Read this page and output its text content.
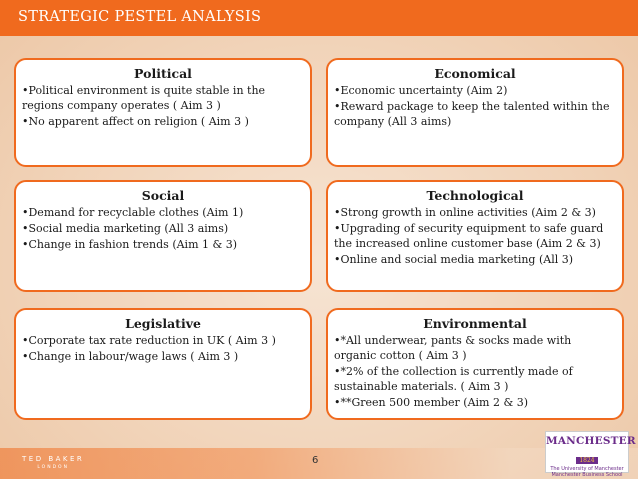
STRATEGIC PESTEL ANALYSIS
Political
•Political environment is quite stable in the regions company operates ( Aim 3 )
•No apparent affect on religion ( Aim 3 )
Economical
•Economic uncertainty (Aim 2)
•Reward package to keep the talented within the company (All 3 aims)
Social
•Demand for recyclable clothes (Aim 1)
•Social media marketing (All 3 aims)
•Change in fashion trends (Aim 1 & 3)
Technological
•Strong growth in online activities (Aim 2 & 3)
•Upgrading of security equipment to safe guard the increased online customer base (Aim 2 & 3)
•Online and social media marketing (All 3)
Legislative
•Corporate tax rate reduction in UK ( Aim 3 )
•Change in labour/wage laws ( Aim 3 )
Environmental
•*All underwear, pants & socks made with organic cotton ( Aim 3 )
•*2% of the collection is currently made of sustainable materials. ( Aim 3 )
•**Green 500 member (Aim 2 & 3)
TED BAKER
LONDON
6
MANCHESTER
1824
The University of Manchester
Manchester Business School
